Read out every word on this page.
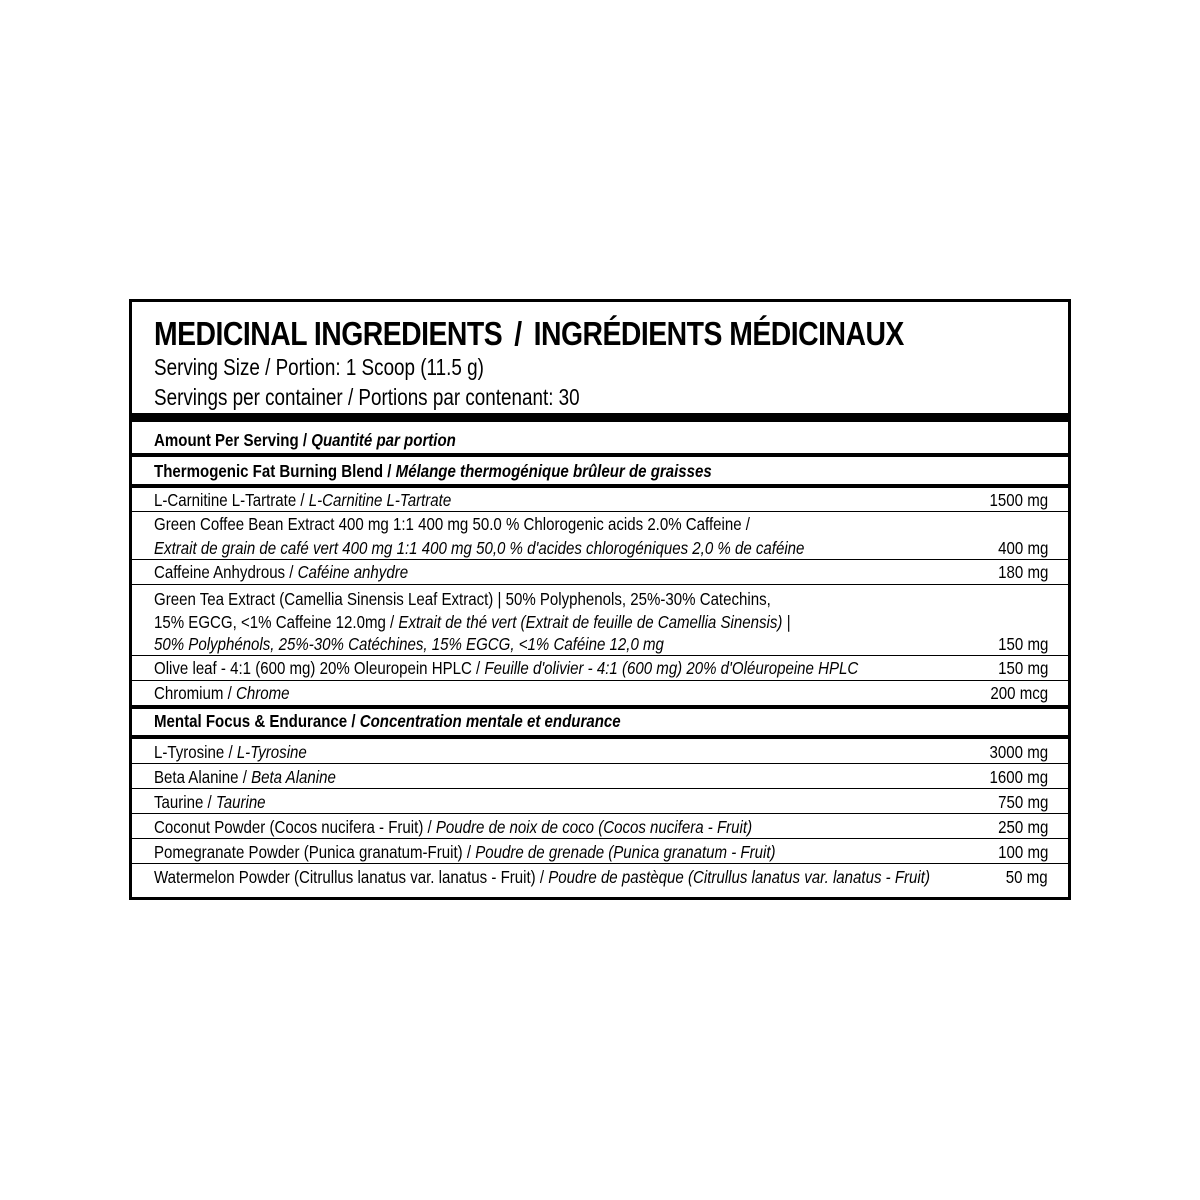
MEDICINAL INGREDIENTS / INGRÉDIENTS MÉDICINAUX
Serving Size / Portion: 1 Scoop (11.5 g)
Servings per container / Portions par contenant: 30
Amount Per Serving / Quantité par portion
Thermogenic Fat Burning Blend / Mélange thermogénique brûleur de graisses
L-Carnitine L-Tartrate / L-Carnitine L-Tartrate	1500 mg
Green Coffee Bean Extract 400 mg 1:1 400 mg 50.0 % Chlorogenic acids 2.0% Caffeine /
Extrait de grain de café vert 400 mg 1:1 400 mg 50,0 % d'acides chlorogéniques 2,0 % de caféine	400 mg
Caffeine Anhydrous / Caféine anhydre	180 mg
Green Tea Extract (Camellia Sinensis Leaf Extract) | 50% Polyphenols, 25%-30% Catechins,
15% EGCG, <1% Caffeine 12.0mg / Extrait de thé vert (Extrait de feuille de Camellia Sinensis) |
50% Polyphénols, 25%-30% Catéchines, 15% EGCG, <1% Caféine 12,0 mg	150 mg
Olive leaf - 4:1 (600 mg) 20% Oleuropein HPLC / Feuille d'olivier - 4:1 (600 mg) 20% d'Oléuropeine HPLC	150 mg
Chromium / Chrome	200 mcg
Mental Focus & Endurance / Concentration mentale et endurance
L-Tyrosine / L-Tyrosine	3000 mg
Beta Alanine / Beta Alanine	1600 mg
Taurine / Taurine	750 mg
Coconut Powder (Cocos nucifera - Fruit) / Poudre de noix de coco (Cocos nucifera - Fruit)	250 mg
Pomegranate Powder (Punica granatum-Fruit) / Poudre de grenade (Punica granatum - Fruit)	100 mg
Watermelon Powder (Citrullus lanatus var. lanatus - Fruit) / Poudre de pastèque (Citrullus lanatus var. lanatus - Fruit)	50 mg
